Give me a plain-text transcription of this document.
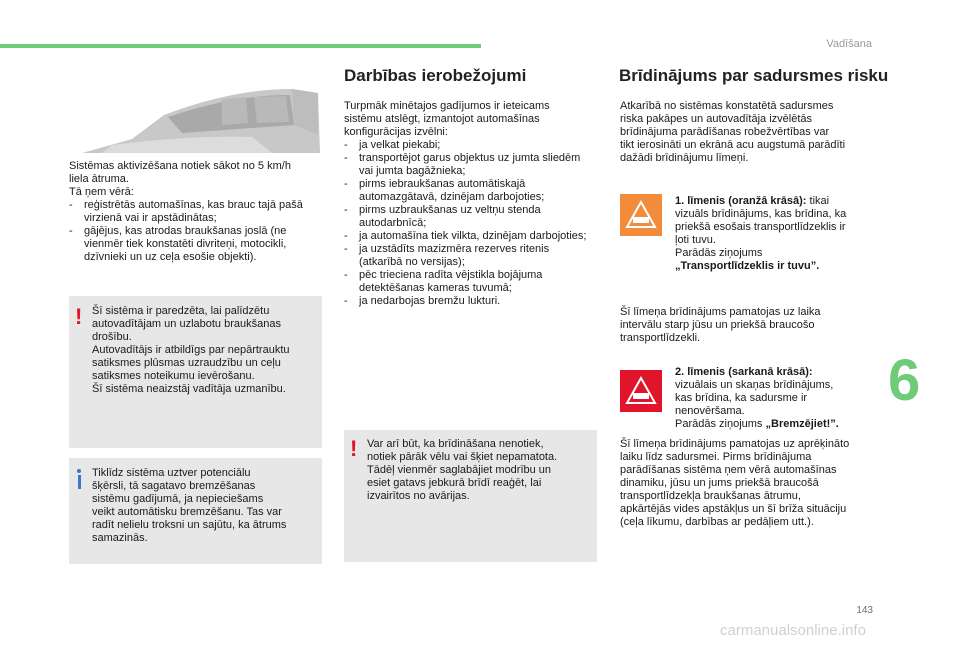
Vadīšana
Sistēmas aktivizēšana notiek sākot no 5 km/h
liela ātruma.
Tā ņem vērā:
- reģistrētās automašīnas, kas brauc tajā pašā virzienā vai ir apstādinātas;
- gājējus, kas atrodas braukšanas joslā (ne vienmēr tiek konstatēti divriteņi, motocikli, dzīvnieki un uz ceļa esošie objekti).
! Šī sistēma ir paredzēta, lai palīdzētu
autovadītājam un uzlabotu braukšanas
drošību.
Autovadītājs ir atbildīgs par nepārtrauktu
satiksmes plūsmas uzraudzību un ceļu
satiksmes noteikumu ievērošanu.
Šī sistēma neaizstāj vadītāja uzmanību.
Tiklīdz sistēma uztver potenciālu
šķērsli, tā sagatavo bremzēšanas
sistēmu gadījumā, ja nepieciešams
veikt automātisku bremzēšanu. Tas var
radīt nelielu troksni un sajūtu, ka ātrums
samazinās.
Darbības ierobežojumi
Turpmāk minētajos gadījumos ir ieteicams
sistēmu atslēgt, izmantojot automašīnas
konfigurācijas izvēlni:
- ja velkat piekabi;
- transportējot garus objektus uz jumta sliedēm vai jumta bagāžnieka;
- pirms iebraukšanas automātiskajā automazgātavā, dzinējam darbojoties;
- pirms uzbraukšanas uz veltņu stenda autodarbnīcā;
- ja automašīna tiek vilkta, dzinējam darbojoties;
- ja uzstādīts mazizmēra rezerves ritenis (atkarībā no versijas);
- pēc trieciena radīta vējstikla bojājuma detektēšanas kameras tuvumā;
- ja nedarbojas bremžu lukturi.
! Var arī būt, ka brīdināšana nenotiek,
notiek pārāk vēlu vai šķiet nepamatota.
Tādēļ vienmēr saglabājiet modrību un
esiet gatavs jebkurā brīdī reaģēt, lai
izvairītos no avārijas.
Brīdinājums par sadursmes risku
Atkarībā no sistēmas konstatētā sadursmes
riska pakāpes un autovadītāja izvēlētās
brīdinājuma parādīšanas robežvērtības var
tikt ierosināti un ekrānā acu augstumā parādīti
dažādi brīdinājumu līmeņi.
1. līmenis (oranžā krāsā): tikai
vizuāls brīdinājums, kas brīdina, ka
priekšā esošais transportlīdzeklis ir
ļoti tuvu.
Parādās ziņojums
„Transportlīdzeklis ir tuvu”.
Šī līmeņa brīdinājums pamatojas uz laika
intervālu starp jūsu un priekšā braucošo
transportlīdzekli.
2. līmenis (sarkanā krāsā):
vizuālais un skaņas brīdinājums,
kas brīdina, ka sadursme ir
nenovēršama.
Parādās ziņojums „Bremzējiet!”.
Šī līmeņa brīdinājums pamatojas uz aprēķināto
laiku līdz sadursmei. Pirms brīdinājuma
parādīšanas sistēma ņem vērā automašīnas
dinamiku, jūsu un jums priekšā braucošā
transportlīdzekļa braukšanas ātrumu,
apkārtējās vides apstākļus un šī brīža situāciju
(ceļa līkumu, darbības ar pedāļiem utt.).
6
143
carmanualsonline.info
